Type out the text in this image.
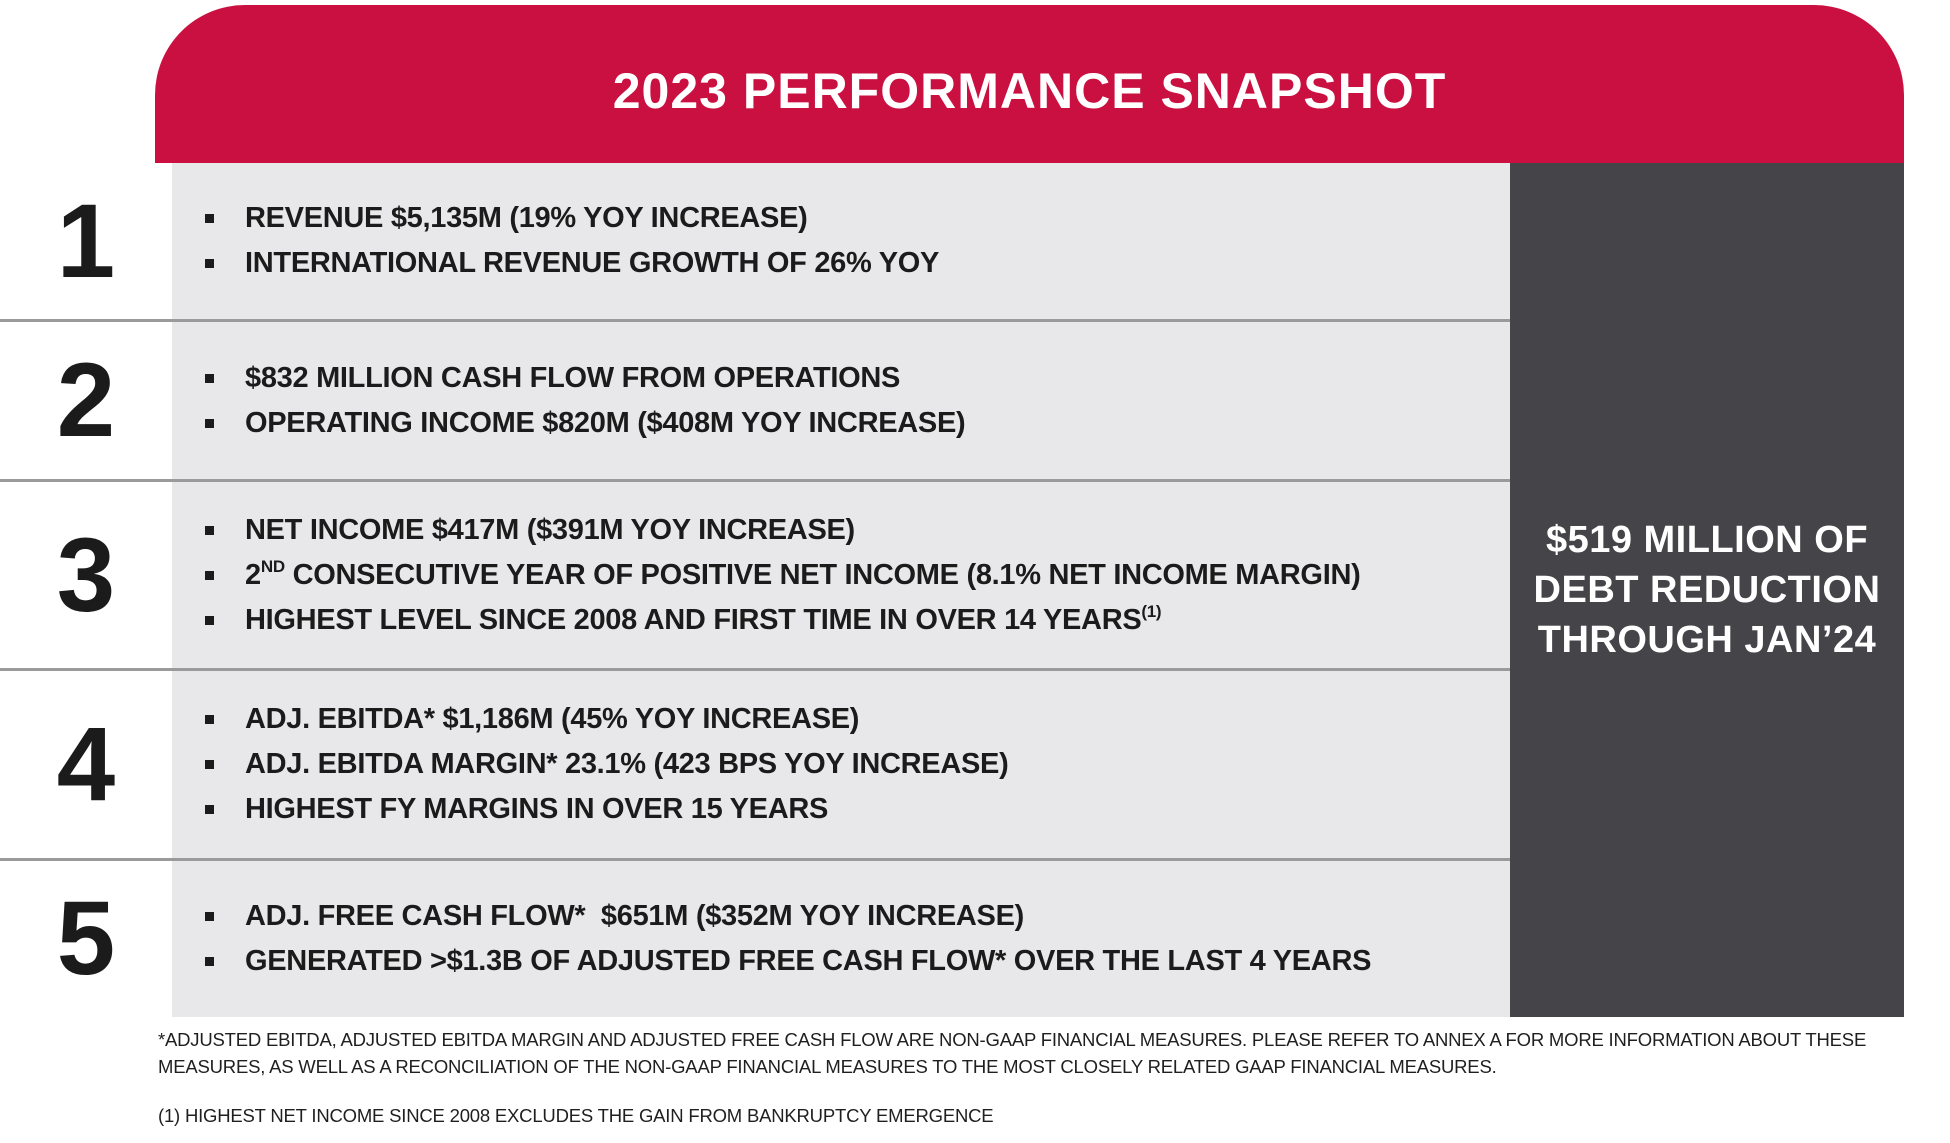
2023 PERFORMANCE SNAPSHOT
1	REVENUE $5,135M (19% YOY INCREASE)
INTERNATIONAL REVENUE GROWTH OF 26% YOY
2	$832 MILLION CASH FLOW FROM OPERATIONS
OPERATING INCOME $820M ($408M YOY INCREASE)
3	NET INCOME $417M ($391M YOY INCREASE)
2ND CONSECUTIVE YEAR OF POSITIVE NET INCOME (8.1% NET INCOME MARGIN)
HIGHEST LEVEL SINCE 2008 AND FIRST TIME IN OVER 14 YEARS$^{(1)}$
4	ADJ. EBITDA* $1,186M (45% YOY INCREASE)
ADJ. EBITDA MARGIN* 23.1% (423 BPS YOY INCREASE)
HIGHEST FY MARGINS IN OVER 15 YEARS
5	ADJ. FREE CASH FLOW*  $651M ($352M YOY INCREASE)
GENERATED >$1.3B OF ADJUSTED FREE CASH FLOW* OVER THE LAST 4 YEARS
$519 MILLION OF
DEBT REDUCTION
THROUGH JAN’24
*ADJUSTED EBITDA, ADJUSTED EBITDA MARGIN AND ADJUSTED FREE CASH FLOW ARE NON-GAAP FINANCIAL MEASURES. PLEASE REFER TO ANNEX A FOR MORE INFORMATION ABOUT THESE MEASURES, AS WELL AS A RECONCILIATION OF THE NON-GAAP FINANCIAL MEASURES TO THE MOST CLOSELY RELATED GAAP FINANCIAL MEASURES.
(1) HIGHEST NET INCOME SINCE 2008 EXCLUDES THE GAIN FROM BANKRUPTCY EMERGENCE
